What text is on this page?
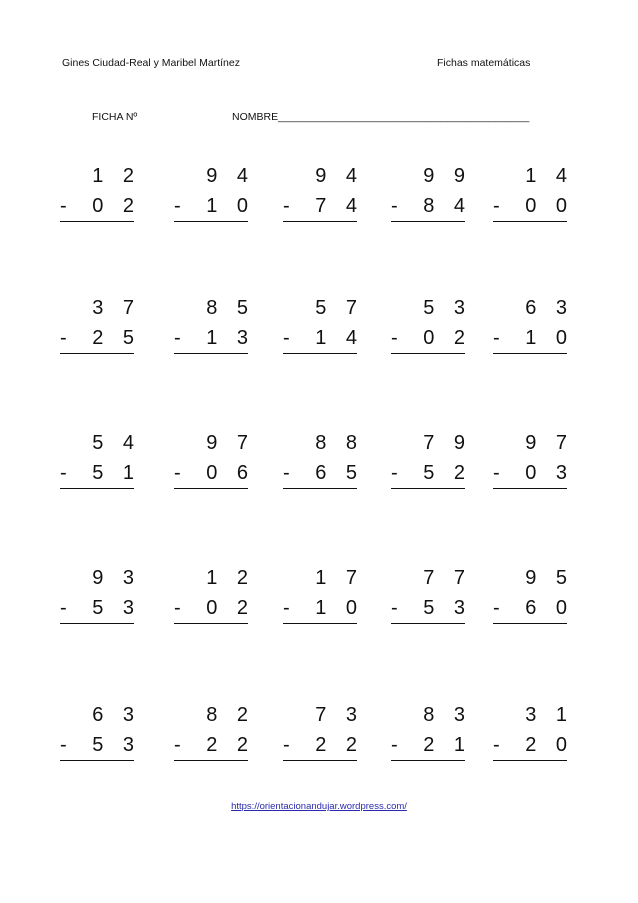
Gines Ciudad-Real y Maribel Martínez	Fichas matemáticas
FICHA Nº	NOMBRE___________________________________________
1 2
- 0 2
9 4
- 1 0
9 4
- 7 4
9 9
- 8 4
1 4
- 0 0
3 7
- 2 5
8 5
- 1 3
5 7
- 1 4
5 3
- 0 2
6 3
- 1 0
5 4
- 5 1
9 7
- 0 6
8 8
- 6 5
7 9
- 5 2
9 7
- 0 3
9 3
- 5 3
1 2
- 0 2
1 7
- 1 0
7 7
- 5 3
9 5
- 6 0
6 3
- 5 3
8 2
- 2 2
7 3
- 2 2
8 3
- 2 1
3 1
- 2 0
https://orientacionandujar.wordpress.com/
